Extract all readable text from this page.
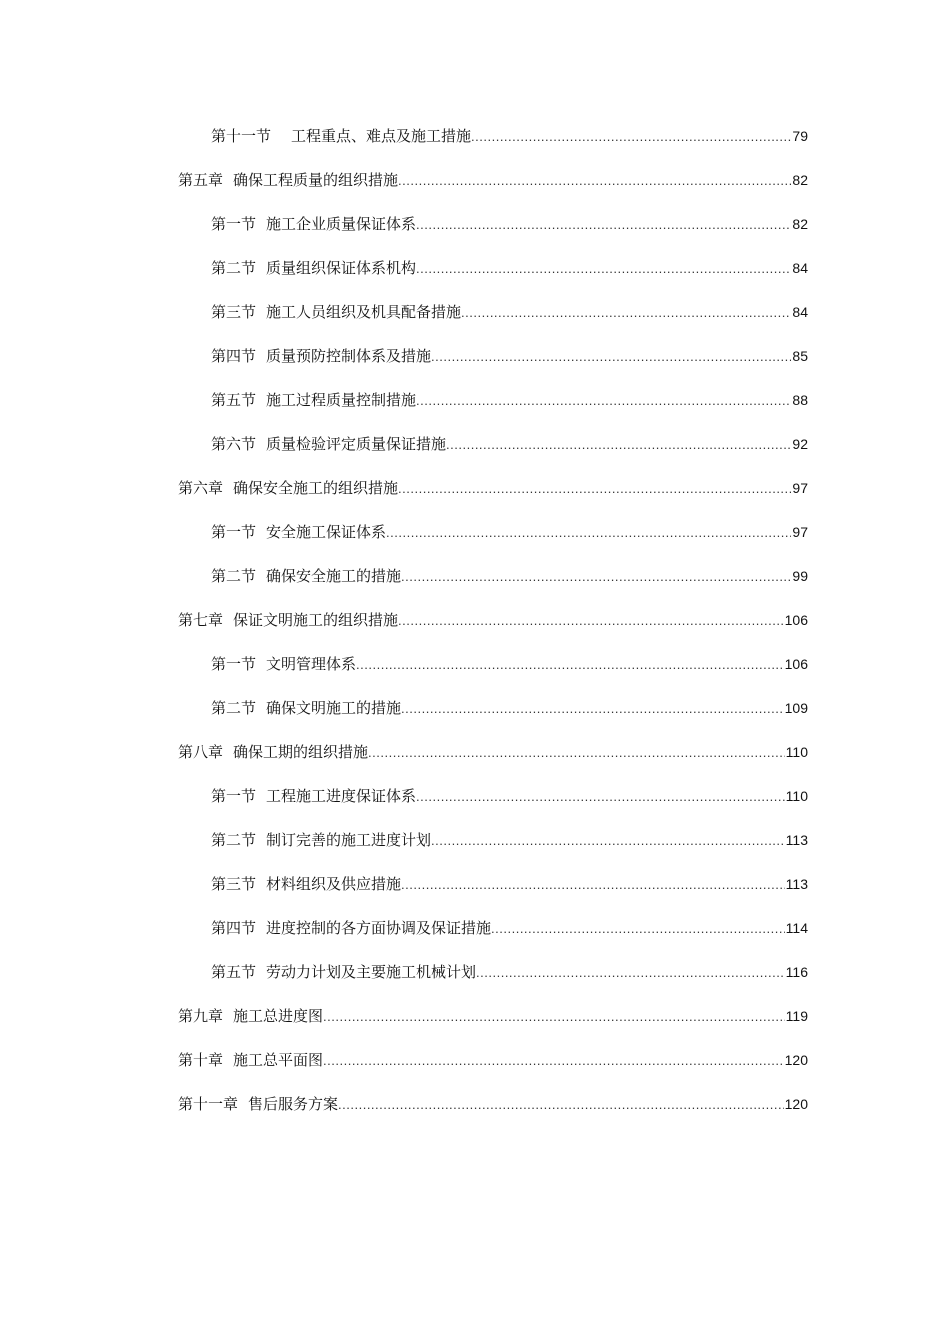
第十一节 工程重点、难点及施工措施 .....	79
第五章 确保工程质量的组织措施 .....	82
第一节 施工企业质量保证体系 .....	82
第二节 质量组织保证体系机构 .....	84
第三节 施工人员组织及机具配备措施 .....	84
第四节 质量预防控制体系及措施 .....	85
第五节 施工过程质量控制措施 .....	88
第六节 质量检验评定质量保证措施 .....	92
第六章 确保安全施工的组织措施 .....	97
第一节 安全施工保证体系 .....	97
第二节 确保安全施工的措施 .....	99
第七章 保证文明施工的组织措施 .....	106
第一节 文明管理体系 .....	106
第二节 确保文明施工的措施 .....	109
第八章 确保工期的组织措施 .....	110
第一节 工程施工进度保证体系 .....	110
第二节 制订完善的施工进度计划 .....	113
第三节 材料组织及供应措施 .....	113
第四节 进度控制的各方面协调及保证措施 .....	114
第五节 劳动力计划及主要施工机械计划 .....	116
第九章 施工总进度图 .....	119
第十章 施工总平面图 .....	120
第十一章 售后服务方案 .....	120
